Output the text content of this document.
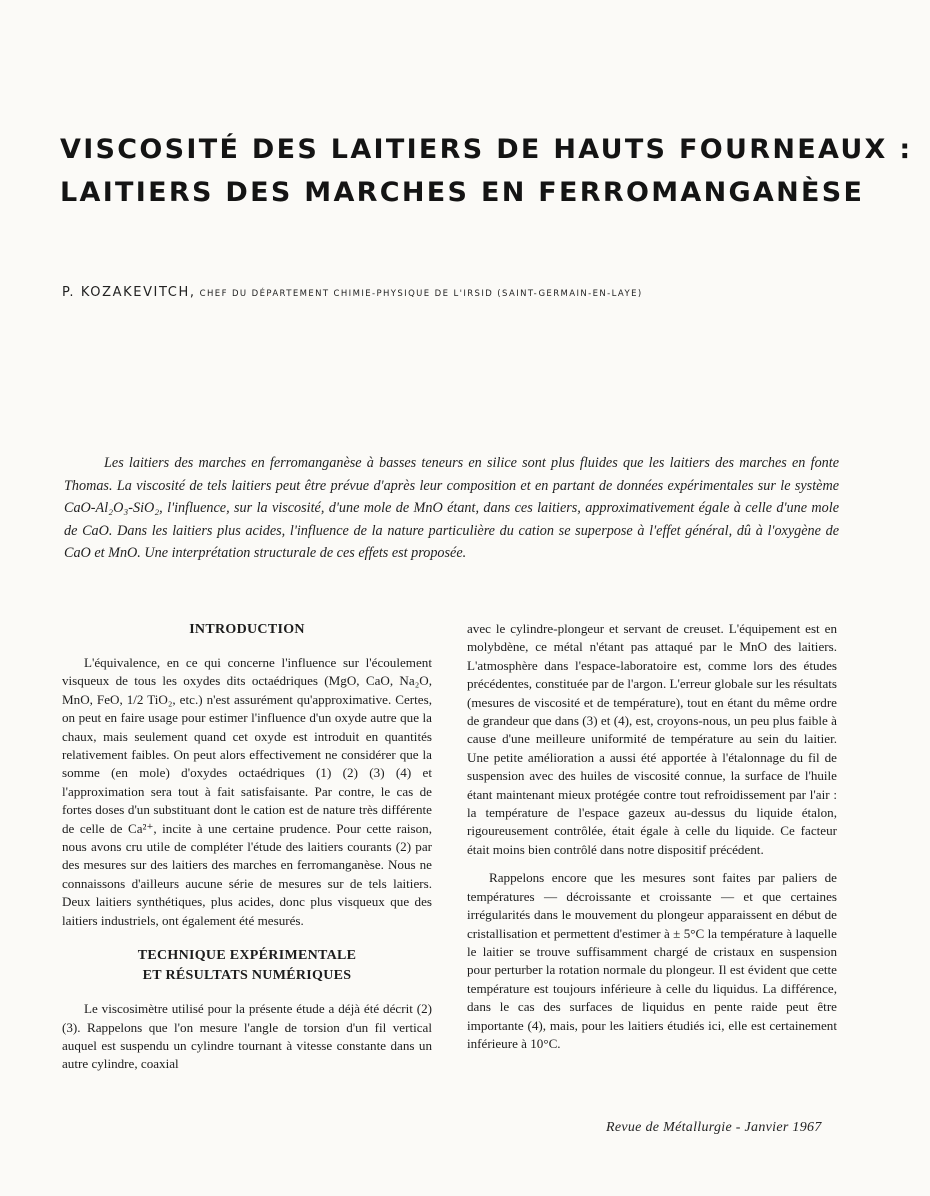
VISCOSITÉ DES LAITIERS DE HAUTS FOURNEAUX :
LAITIERS DES MARCHES EN FERROMANGANÈSE
P. KOZAKEVITCH, CHEF DU DÉPARTEMENT CHIMIE-PHYSIQUE DE L'IRSID (SAINT-GERMAIN-EN-LAYE)

Les laitiers des marches en ferromanganèse à basses teneurs en silice sont plus fluides que les laitiers des marches en fonte Thomas. La viscosité de tels laitiers peut être prévue d'après leur composition et en partant de données expérimentales sur le système CaO-Al₂O₃-SiO₂, l'influence, sur la viscosité, d'une mole de MnO étant, dans ces laitiers, approximativement égale à celle d'une mole de CaO. Dans les laitiers plus acides, l'influence de la nature particulière du cation se superpose à l'effet général, dû à l'oxygène de CaO et MnO. Une interprétation structurale de ces effets est proposée.

INTRODUCTION

L'équivalence, en ce qui concerne l'influence sur l'écoulement visqueux de tous les oxydes dits octaédriques (MgO, CaO, Na₂O, MnO, FeO, 1/2 TiO₂, etc.) n'est assurément qu'approximative. Certes, on peut en faire usage pour estimer l'influence d'un oxyde autre que la chaux, mais seulement quand cet oxyde est introduit en quantités relativement faibles. On peut alors effectivement ne considérer que la somme (en mole) d'oxydes octaédriques (1) (2) (3) (4) et l'approximation sera tout à fait satisfaisante. Par contre, le cas de fortes doses d'un substituant dont le cation est de nature très différente de celle de Ca²⁺, incite à une certaine prudence. Pour cette raison, nous avons cru utile de compléter l'étude des laitiers courants (2) par des mesures sur des laitiers des marches en ferromanganèse. Nous ne connaissons d'ailleurs aucune série de mesures sur de tels laitiers. Deux laitiers synthétiques, plus acides, donc plus visqueux que des laitiers industriels, ont également été mesurés.

TECHNIQUE EXPÉRIMENTALE
ET RÉSULTATS NUMÉRIQUES

Le viscosimètre utilisé pour la présente étude a déjà été décrit (2) (3). Rappelons que l'on mesure l'angle de torsion d'un fil vertical auquel est suspendu un cylindre tournant à vitesse constante dans un autre cylindre, coaxial

avec le cylindre-plongeur et servant de creuset. L'équipement est en molybdène, ce métal n'étant pas attaqué par le MnO des laitiers. L'atmosphère dans l'espace-laboratoire est, comme lors des études précédentes, constituée par de l'argon. L'erreur globale sur les résultats (mesures de viscosité et de température), tout en étant du même ordre de grandeur que dans (3) et (4), est, croyons-nous, un peu plus faible à cause d'une meilleure uniformité de température au sein du laitier. Une petite amélioration a aussi été apportée à l'étalonnage du fil de suspension avec des huiles de viscosité connue, la surface de l'huile étant maintenant mieux protégée contre tout refroidissement par l'air : la température de l'espace gazeux au-dessus du liquide étalon, rigoureusement contrôlée, était égale à celle du liquide. Ce facteur était moins bien contrôlé dans notre dispositif précédent.

Rappelons encore que les mesures sont faites par paliers de températures — décroissante et croissante — et que certaines irrégularités dans le mouvement du plongeur apparaissent en début de cristallisation et permettent d'estimer à ± 5°C la température à laquelle le laitier se trouve suffisamment chargé de cristaux en suspension pour perturber la rotation normale du plongeur. Il est évident que cette température est toujours inférieure à celle du liquidus. La différence, dans le cas des surfaces de liquidus en pente raide peut être importante (4), mais, pour les laitiers étudiés ici, elle est certainement inférieure à 10°C.

Revue de Métallurgie - Janvier 1967
